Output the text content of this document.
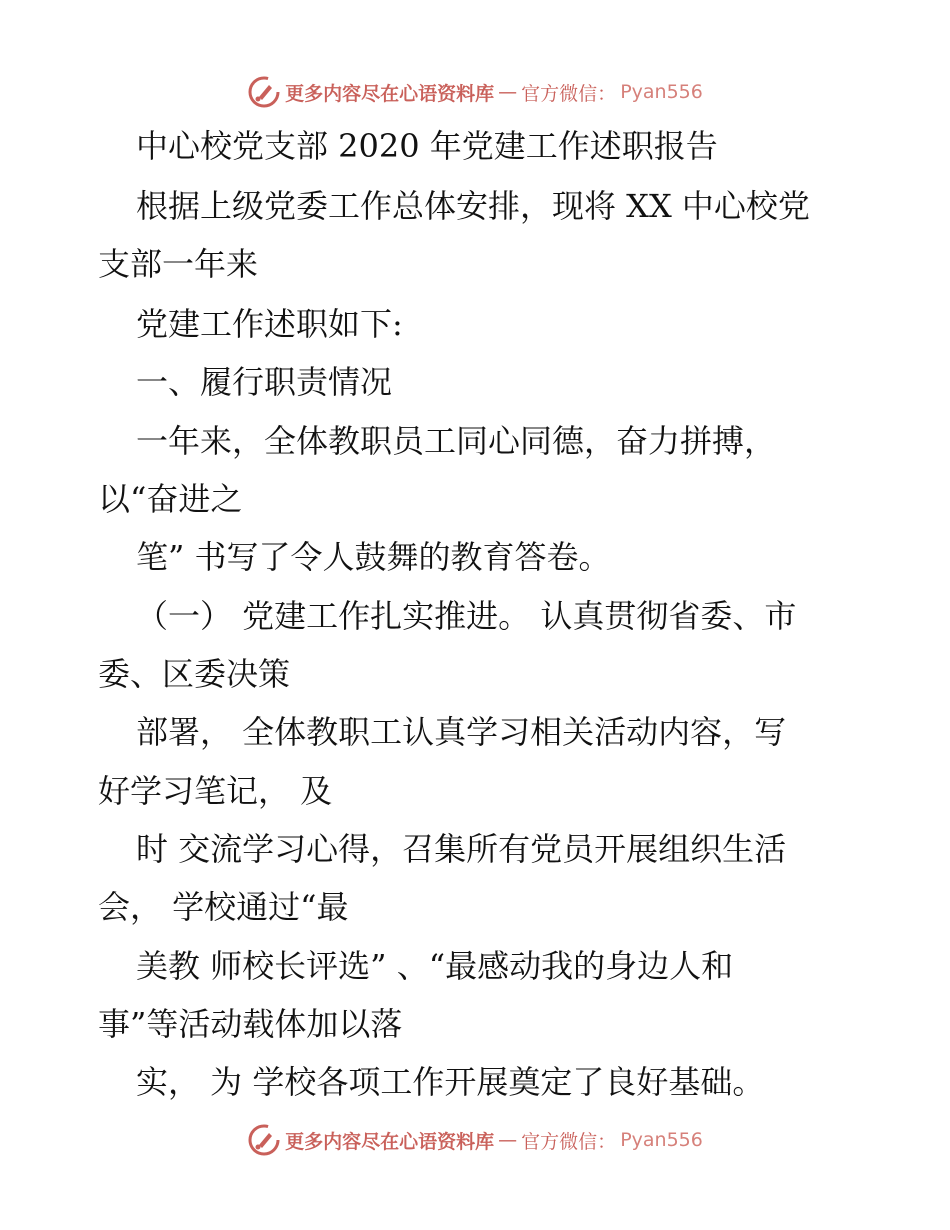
更多内容尽在心语资料库 — 官方微信： Pyan556
中心校党支部 2020 年党建工作述职报告
根据上级党委工作总体安排，现将 XX 中心校党
支部一年来
党建工作述职如下:
一、履行职责情况
一年来，全体教职员工同心同德，奋力拼搏，
以“奋进之
笔” 书写了令人鼓舞的教育答卷。
（一） 党建工作扎实推进。 认真贯彻省委、市
委、区委决策
部署， 全体教职工认真学习相关活动内容，写
好学习笔记， 及
时 交流学习心得，召集所有党员开展组织生活
会， 学校通过“最
美教 师校长评选” 、“最感动我的身边人和
事”等活动载体加以落
实， 为 学校各项工作开展奠定了良好基础。
更多内容尽在心语资料库 — 官方微信： Pyan556
